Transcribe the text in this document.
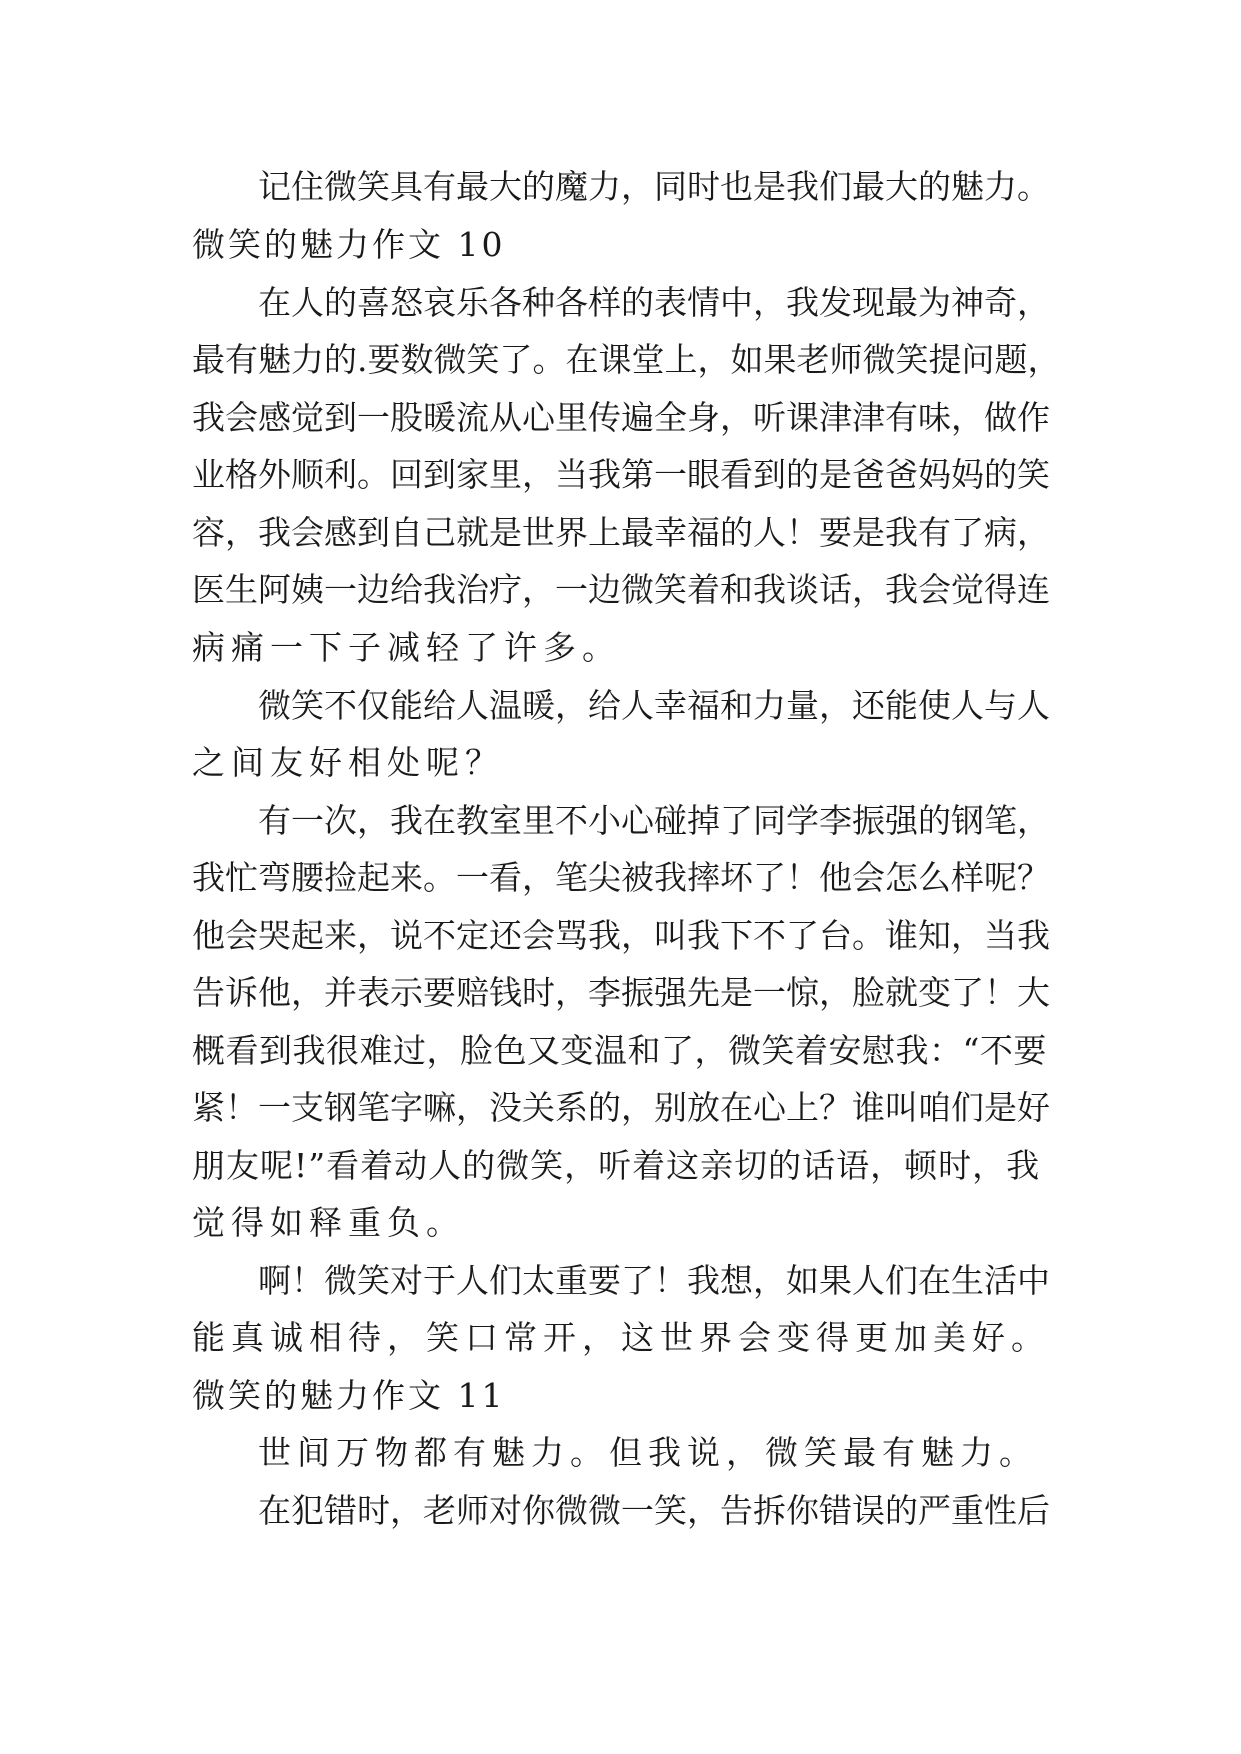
记住微笑具有最大的魔力，同时也是我们最大的魅力。
微笑的魅力作文 10
在人的喜怒哀乐各种各样的表情中，我发现最为神奇，
最有魅力的.要数微笑了。在课堂上，如果老师微笑提问题，
我会感觉到一股暖流从心里传遍全身，听课津津有味，做作
业格外顺利。回到家里，当我第一眼看到的是爸爸妈妈的笑
容，我会感到自己就是世界上最幸福的人！要是我有了病，
医生阿姨一边给我治疗，一边微笑着和我谈话，我会觉得连
病痛一下子减轻了许多。
微笑不仅能给人温暖，给人幸福和力量，还能使人与人
之间友好相处呢？
有一次，我在教室里不小心碰掉了同学李振强的钢笔，
我忙弯腰捡起来。一看，笔尖被我摔坏了！他会怎么样呢？
他会哭起来，说不定还会骂我，叫我下不了台。谁知，当我
告诉他，并表示要赔钱时，李振强先是一惊，脸就变了！大
概看到我很难过，脸色又变温和了，微笑着安慰我：“不要
紧！一支钢笔字嘛，没关系的，别放在心上？谁叫咱们是好
朋友呢!”看着动人的微笑，听着这亲切的话语，顿时，我
觉得如释重负。
啊！微笑对于人们太重要了！我想，如果人们在生活中
能真诚相待，笑口常开，这世界会变得更加美好。
微笑的魅力作文 11
世间万物都有魅力。但我说，微笑最有魅力。
在犯错时，老师对你微微一笑，告拆你错误的严重性后
